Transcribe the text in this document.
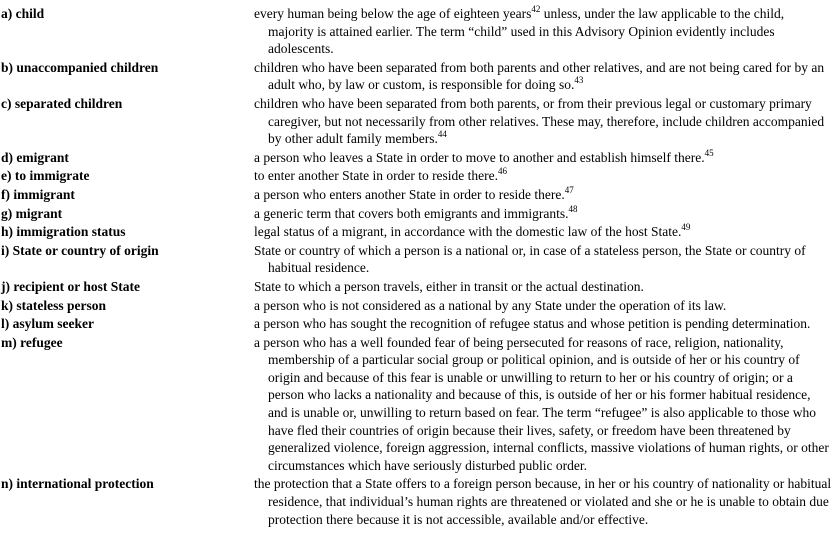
a) child	every human being below the age of eighteen years$^{42}$ unless, under the law applicable to the child, majority is attained earlier. The term “child” used in this Advisory Opinion evidently includes adolescents.
b) unaccompanied children	children who have been separated from both parents and other relatives, and are not being cared for by an adult who, by law or custom, is responsible for doing so.$^{43}$
c) separated children	children who have been separated from both parents, or from their previous legal or customary primary caregiver, but not necessarily from other relatives. These may, therefore, include children accompanied by other adult family members.$^{44}$
d) emigrant	a person who leaves a State in order to move to another and establish himself there.$^{45}$
e) to immigrate	to enter another State in order to reside there.$^{46}$
f) immigrant	a person who enters another State in order to reside there.$^{47}$
g) migrant	a generic term that covers both emigrants and immigrants.$^{48}$
h) immigration status	legal status of a migrant, in accordance with the domestic law of the host State.$^{49}$
i) State or country of origin	State or country of which a person is a national or, in case of a stateless person, the State or country of habitual residence.
j) recipient or host State	State to which a person travels, either in transit or the actual destination.
k) stateless person	a person who is not considered as a national by any State under the operation of its law.
l) asylum seeker	a person who has sought the recognition of refugee status and whose petition is pending determination.
m) refugee	a person who has a well founded fear of being persecuted for reasons of race, religion, nationality, membership of a particular social group or political opinion, and is outside of her or his country of origin and because of this fear is unable or unwilling to return to her or his country of origin; or a person who lacks a nationality and because of this, is outside of her or his former habitual residence, and is unable or, unwilling to return based on fear. The term “refugee” is also applicable to those who have fled their countries of origin because their lives, safety, or freedom have been threatened by generalized violence, foreign aggression, internal conflicts, massive violations of human rights, or other circumstances which have seriously disturbed public order.
n) international protection	the protection that a State offers to a foreign person because, in her or his country of nationality or habitual residence, that individual’s human rights are threatened or violated and she or he is unable to obtain due protection there because it is not accessible, available and/or effective.
